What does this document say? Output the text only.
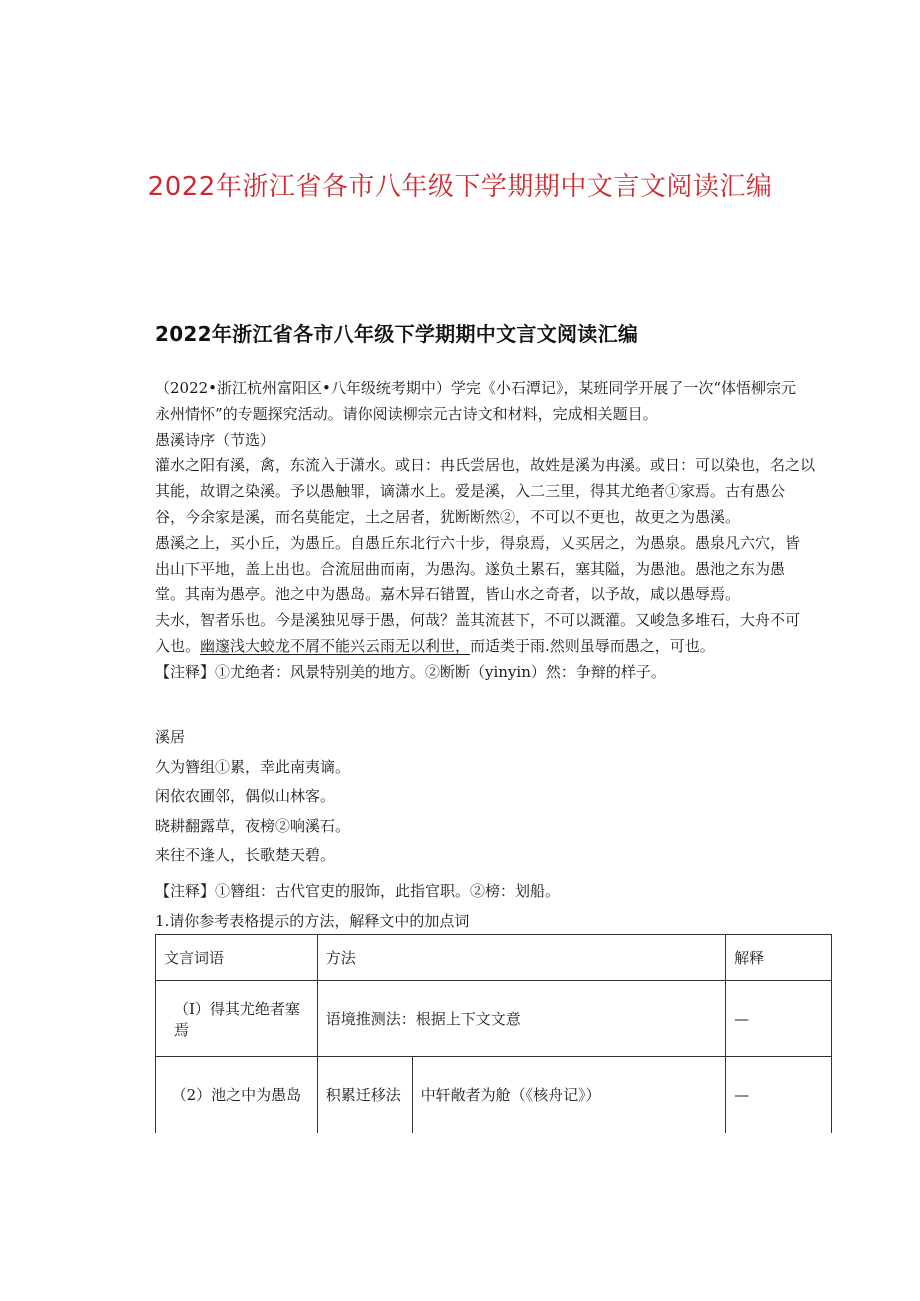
2022年浙江省各市八年级下学期期中文言文阅读汇编
2022年浙江省各市八年级下学期期中文言文阅读汇编

（2022•浙江杭州富阳区•八年级统考期中）学完《小石潭记》，某班同学开展了一次“体悟柳宗元

永州情怀”的专题探究活动。请你阅读柳宗元古诗文和材料，完成相关题目。

愚溪诗序（节选）

灌水之阳有溪，禽，东流入于潇水。或日：冉氏尝居也，故姓是溪为冉溪。或日：可以染也，名之以

其能，故谓之染溪。予以愚触罪，谪潇水上。爱是溪，入二三里，得其尤绝者①家焉。古有愚公

谷，今余家是溪，而名莫能定，土之居者，犹断断然②，不可以不更也，故更之为愚溪。

愚溪之上，买小丘，为愚丘。自愚丘东北行六十步，得泉焉，乂买居之，为愚泉。愚泉凡六穴，皆

出山下平地，盖上出也。合流屈曲而南，为愚沟。遂负土累石，塞其隘，为愚池。愚池之东为愚

堂。其南为愚亭。池之中为愚岛。嘉木异石错置，皆山水之奇者，以予故，咸以愚辱焉。

夫水，智者乐也。今是溪独见辱于愚，何哉？盖其流甚下，不可以溉灌。又峻急多堆石，大舟不可

入也。幽邃浅大蛟龙不屑不能兴云雨无以利世，而适类于雨.然则虽辱而愚之，可也。

【注释】①尤绝者：风景特别美的地方。②断断（yinyin）然：争辩的样子。

溪居

久为簪组①累，幸此南夷谪。

闲依农圃邻，偶似山林客。

晓耕翻露草，夜榜②响溪石。

来往不逢人，长歌楚天碧。

【注释】①簪组：古代官吏的服饰，此指官职。②榜：划船。
1.请你参考表格提示的方法，解释文中的加点词
文言词语	方法		解释
（I）得其尤绝者塞焉	语境推测法：根据上下文文意		—
（2）池之中为愚岛	积累迁移法	中轩敞者为舱（《核舟记》）	—
